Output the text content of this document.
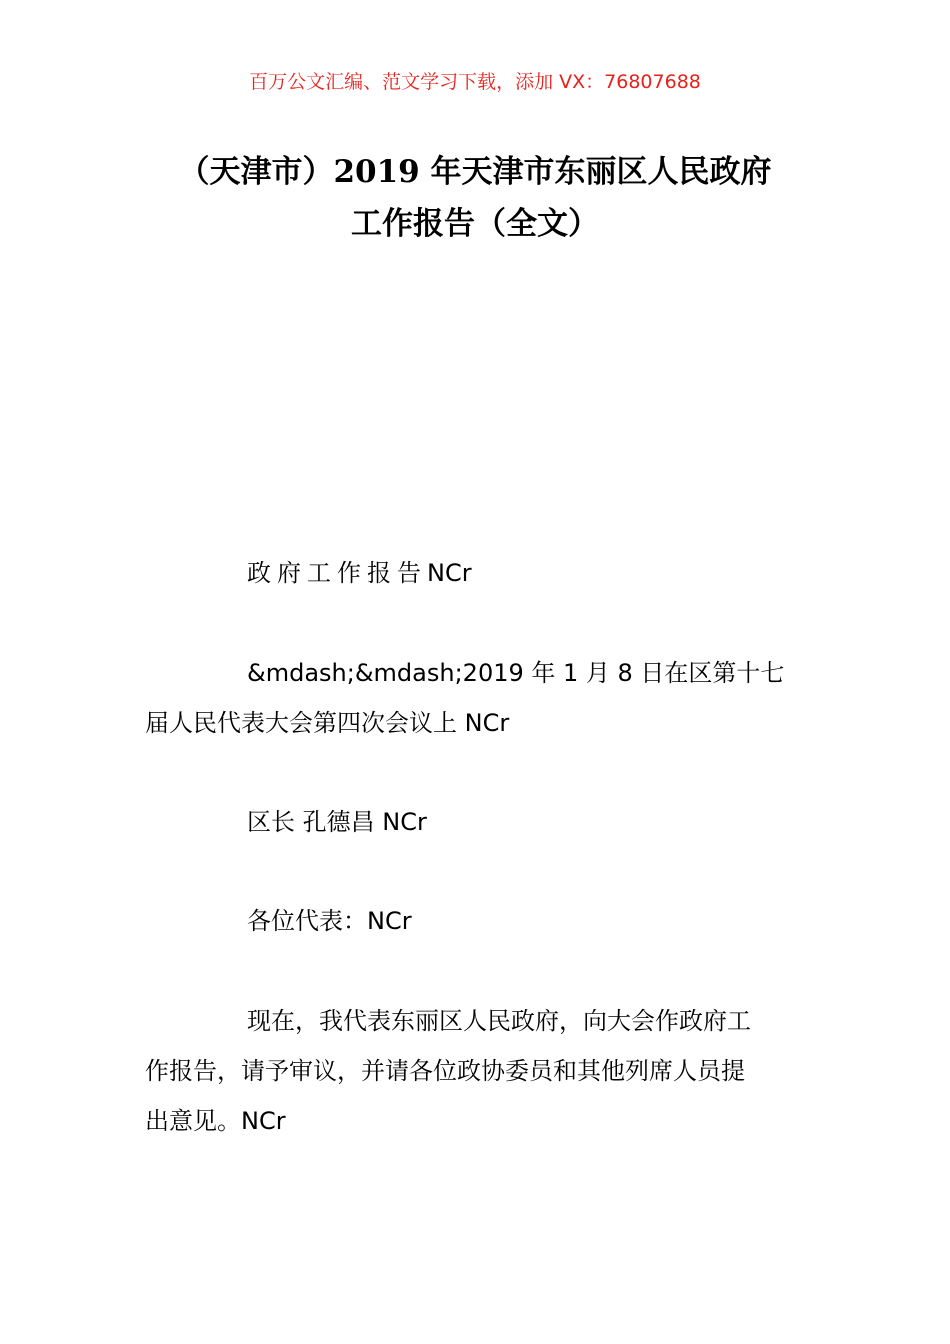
百万公文汇编、范文学习下载，添加 VX：76807688
（天津市）2019 年天津市东丽区人民政府
工作报告（全文）
政府工作报告NCr
&mdash;&mdash;2019 年 1 月 8 日在区第十七
届人民代表大会第四次会议上 NCr
区长 孔德昌 NCr
各位代表：NCr
现在，我代表东丽区人民政府，向大会作政府工
作报告，请予审议，并请各位政协委员和其他列席人员提
出意见。NCr
